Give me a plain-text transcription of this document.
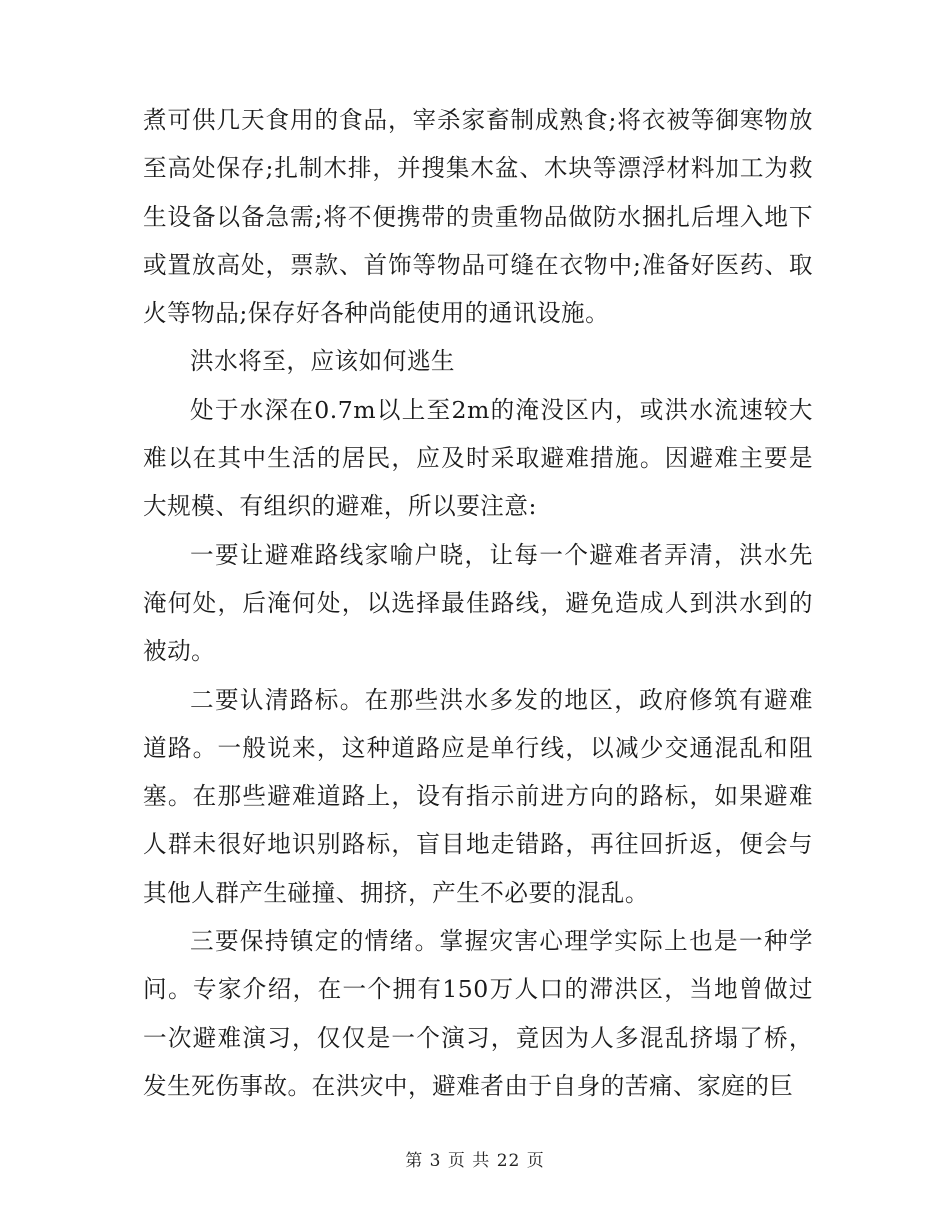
煮可供几天食用的食品，宰杀家畜制成熟食;将衣被等御寒物放至高处保存;扎制木排，并搜集木盆、木块等漂浮材料加工为救生设备以备急需;将不便携带的贵重物品做防水捆扎后埋入地下或置放高处，票款、首饰等物品可缝在衣物中;准备好医药、取火等物品;保存好各种尚能使用的通讯设施。

洪水将至，应该如何逃生

处于水深在0.7m以上至2m的淹没区内，或洪水流速较大难以在其中生活的居民，应及时采取避难措施。因避难主要是大规模、有组织的避难，所以要注意:

一要让避难路线家喻户晓，让每一个避难者弄清，洪水先淹何处，后淹何处，以选择最佳路线，避免造成人到洪水到的被动。

二要认清路标。在那些洪水多发的地区，政府修筑有避难道路。一般说来，这种道路应是单行线，以减少交通混乱和阻塞。在那些避难道路上，设有指示前进方向的路标，如果避难人群未很好地识别路标，盲目地走错路，再往回折返，便会与其他人群产生碰撞、拥挤，产生不必要的混乱。

三要保持镇定的情绪。掌握灾害心理学实际上也是一种学问。专家介绍，在一个拥有150万人口的滞洪区，当地曾做过一次避难演习，仅仅是一个演习，竟因为人多混乱挤塌了桥，发生死伤事故。在洪灾中，避难者由于自身的苦痛、家庭的巨

第 3 页 共 22 页
